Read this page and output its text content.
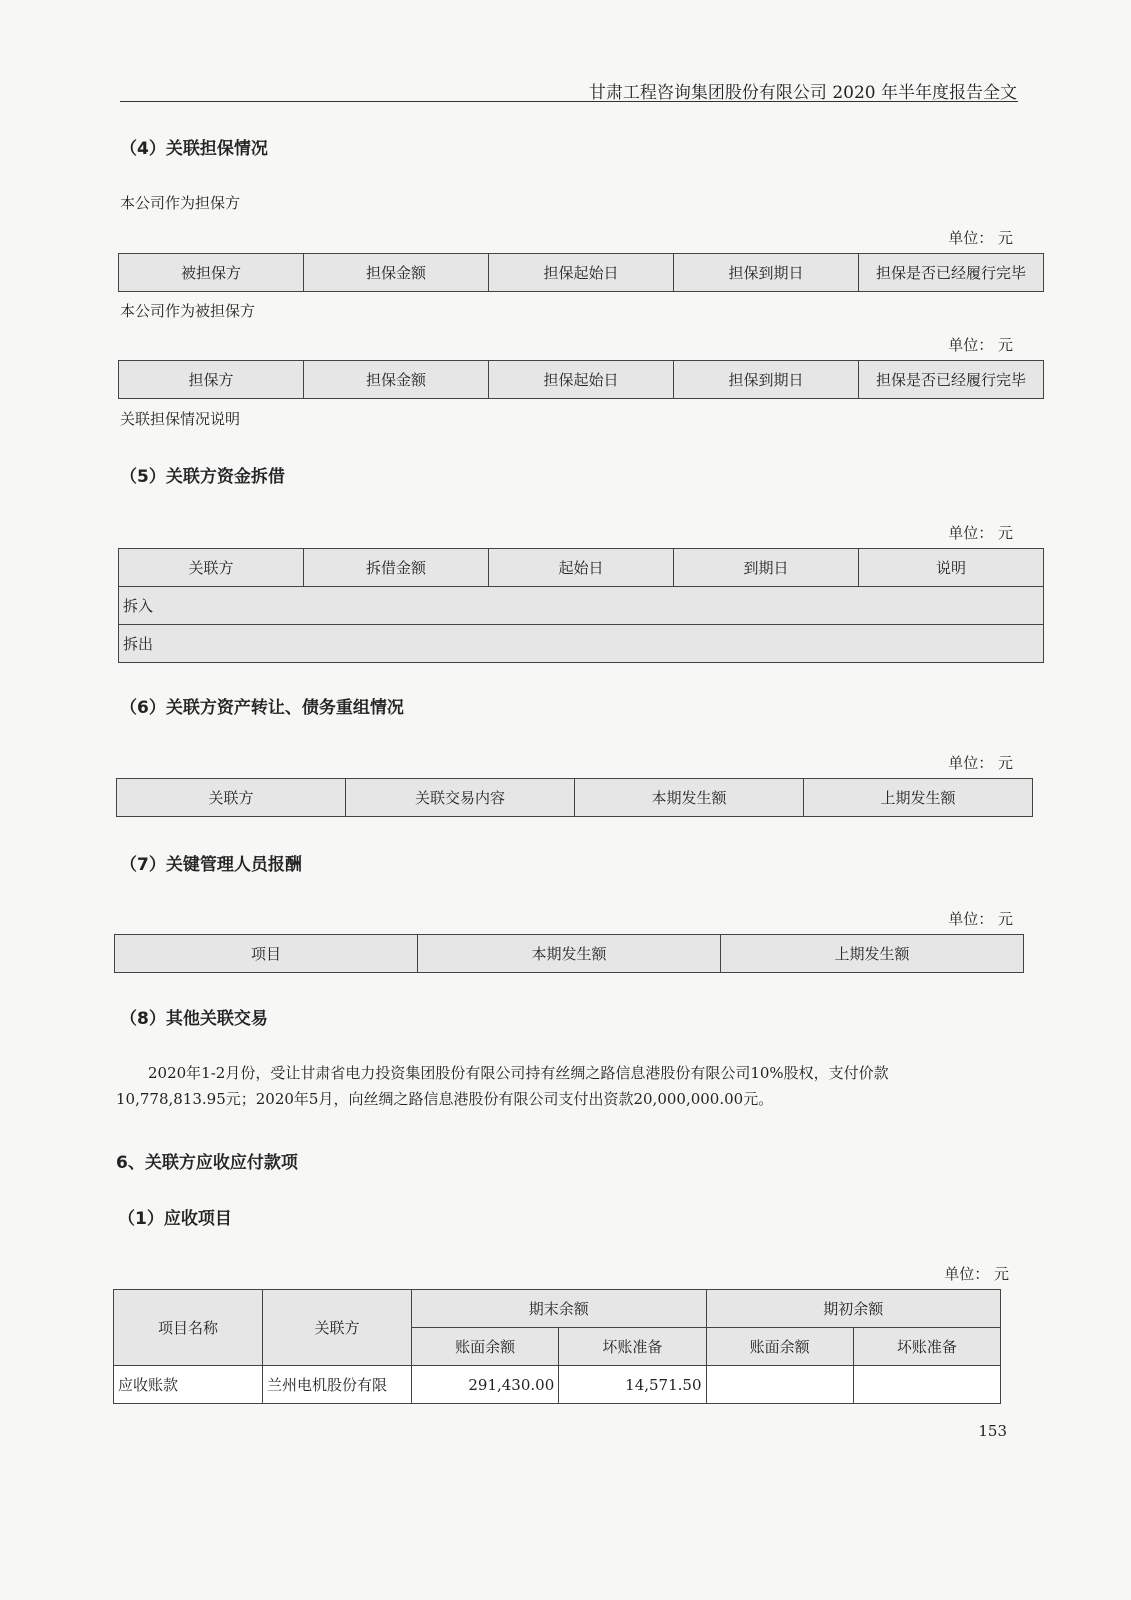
甘肃工程咨询集团股份有限公司 2020 年半年度报告全文
（4）关联担保情况
本公司作为担保方
单位： 元
被担保方	担保金额	担保起始日	担保到期日	担保是否已经履行完毕
本公司作为被担保方
单位： 元
担保方	担保金额	担保起始日	担保到期日	担保是否已经履行完毕
关联担保情况说明
（5）关联方资金拆借
单位： 元
关联方	拆借金额	起始日	到期日	说明
拆入
拆出
（6）关联方资产转让、债务重组情况
单位： 元
关联方	关联交易内容	本期发生额	上期发生额
（7）关键管理人员报酬
单位： 元
项目	本期发生额	上期发生额
（8）其他关联交易

2020年1-2月份，受让甘肃省电力投资集团股份有限公司持有丝绸之路信息港股份有限公司10%股权，支付价款

10,778,813.95元；2020年5月，向丝绸之路信息港股份有限公司支付出资款20,000,000.00元。

6、关联方应收应付款项
（1）应收项目
单位： 元
项目名称	关联方	期末余额		期初余额	
		账面余额	坏账准备	账面余额	坏账准备
应收账款	兰州电机股份有限	291,430.00	14,571.50		
153
